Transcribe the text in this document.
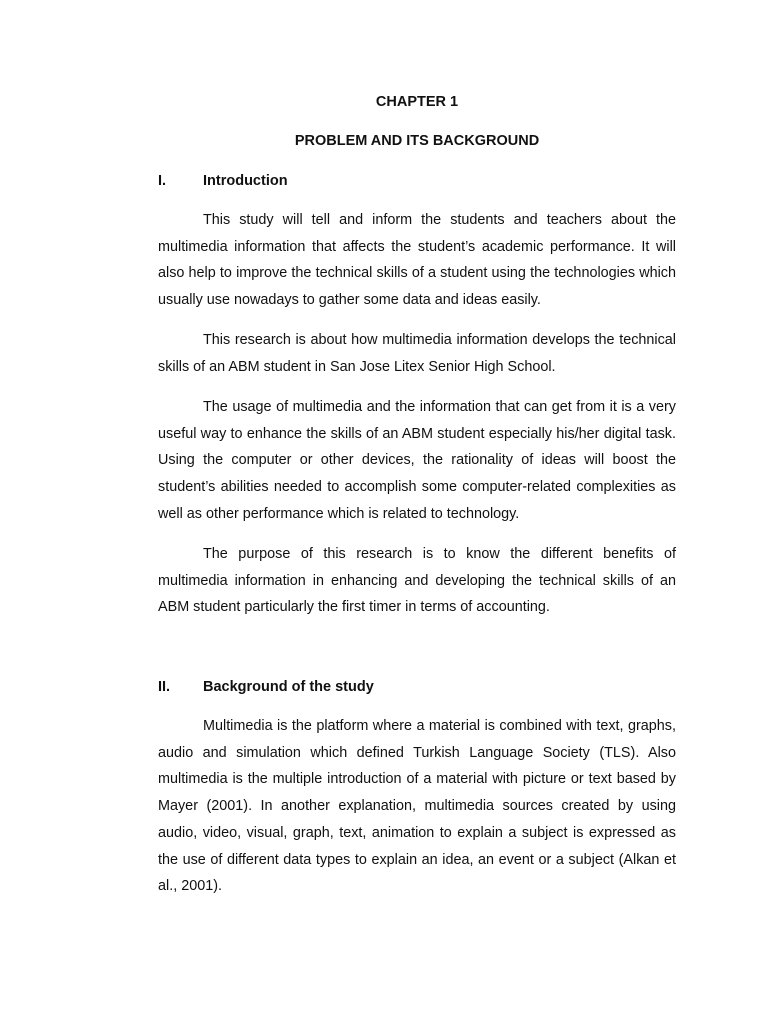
CHAPTER 1
PROBLEM AND ITS BACKGROUND
I.	Introduction

This study will tell and inform the students and teachers about the multimedia information that affects the student’s academic performance. It will also help to improve the technical skills of a student using the technologies which usually use nowadays to gather some data and ideas easily.

This research is about how multimedia information develops the technical skills of an ABM student in San Jose Litex Senior High School.

The usage of multimedia and the information that can get from it is a very useful way to enhance the skills of an ABM student especially his/her digital task. Using the computer or other devices, the rationality of ideas will boost the student’s abilities needed to accomplish some computer-related complexities as well as other performance which is related to technology.

The purpose of this research is to know the different benefits of multimedia information in enhancing and developing the technical skills of an ABM student particularly the first timer in terms of accounting.

II. Background of the study

Multimedia is the platform where a material is combined with text, graphs, audio and simulation which defined Turkish Language Society (TLS). Also multimedia is the multiple introduction of a material with picture or text based by Mayer (2001). In another explanation, multimedia sources created by using audio, video, visual, graph, text, animation to explain a subject is expressed as the use of different data types to explain an idea, an event or a subject (Alkan et al., 2001).
